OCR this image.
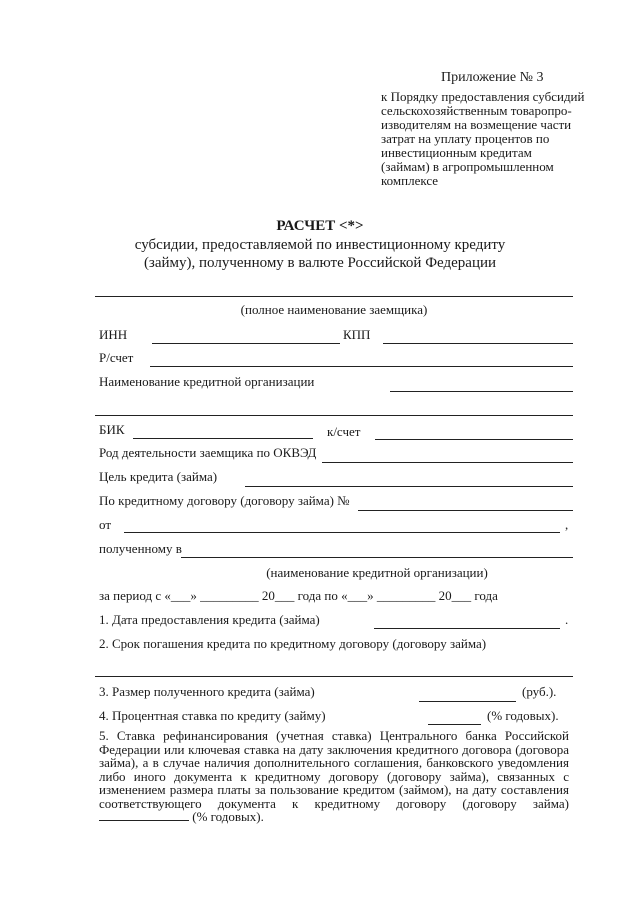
Приложение № 3
к Порядку предоставления субсидий
сельскохозяйственным товаропро-
изводителям на возмещение части
затрат на уплату процентов по
инвестиционным кредитам
(займам) в агропромышленном
комплексе
РАСЧЕТ <*>
субсидии, предоставляемой по инвестиционному кредиту
(займу), полученному в валюте Российской Федерации
(полное наименование заемщика)
ИНН	КПП
Р/счет
Наименование кредитной организации
БИК	к/счет
Род деятельности заемщика по ОКВЭД
Цель кредита (займа)
По кредитному договору (договору займа) №
от	,
полученному в
(наименование кредитной организации)
за период с «___» _________ 20___ года по «___» _________ 20___ года
1. Дата предоставления кредита (займа)	.
2. Срок погашения кредита по кредитному договору (договору займа)
3. Размер полученного кредита (займа)	(руб.).
4. Процентная ставка по кредиту (займу)	(% годовых).
5. Ставка рефинансирования (учетная ставка) Центрального банка Российской Федерации или ключевая ставка на дату заключения кредитного договора (договора займа), а в случае наличия дополнительного соглашения, банковского уведомления либо иного документа к кредитному договору (договору займа), связанных с изменением размера платы за пользование кредитом (займом), на дату составления соответствующего документа к кредитному договору (договору займа) (% годовых).
